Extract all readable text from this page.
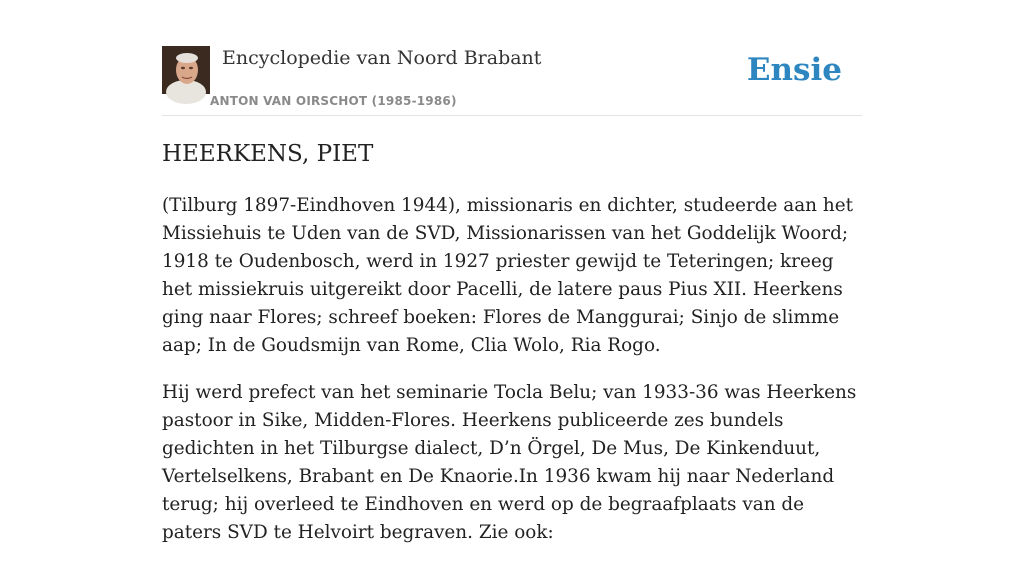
Encyclopedie van Noord Brabant
ANTON VAN OIRSCHOT (1985-1986)
Ensie
HEERKENS, PIET

(Tilburg 1897-Eindhoven 1944), missionaris en dichter, studeerde aan het Missiehuis te Uden van de SVD, Missionarissen van het Goddelijk Woord; 1918 te Oudenbosch, werd in 1927 priester gewijd te Teteringen; kreeg het missiekruis uitgereikt door Pacelli, de latere paus Pius XII. Heerkens ging naar Flores; schreef boeken: Flores de Manggurai; Sinjo de slimme aap; In de Goudsmijn van Rome, Clia Wolo, Ria Rogo.

Hij werd prefect van het seminarie Tocla Belu; van 1933-36 was Heerkens pastoor in Sike, Midden-Flores. Heerkens publiceerde zes bundels gedichten in het Tilburgse dialect, D’n Örgel, De Mus, De Kinkenduut, Vertelselkens, Brabant en De Knaorie.In 1936 kwam hij naar Nederland terug; hij overleed te Eindhoven en werd op de begraafplaats van de paters SVD te Helvoirt begraven. Zie ook:
